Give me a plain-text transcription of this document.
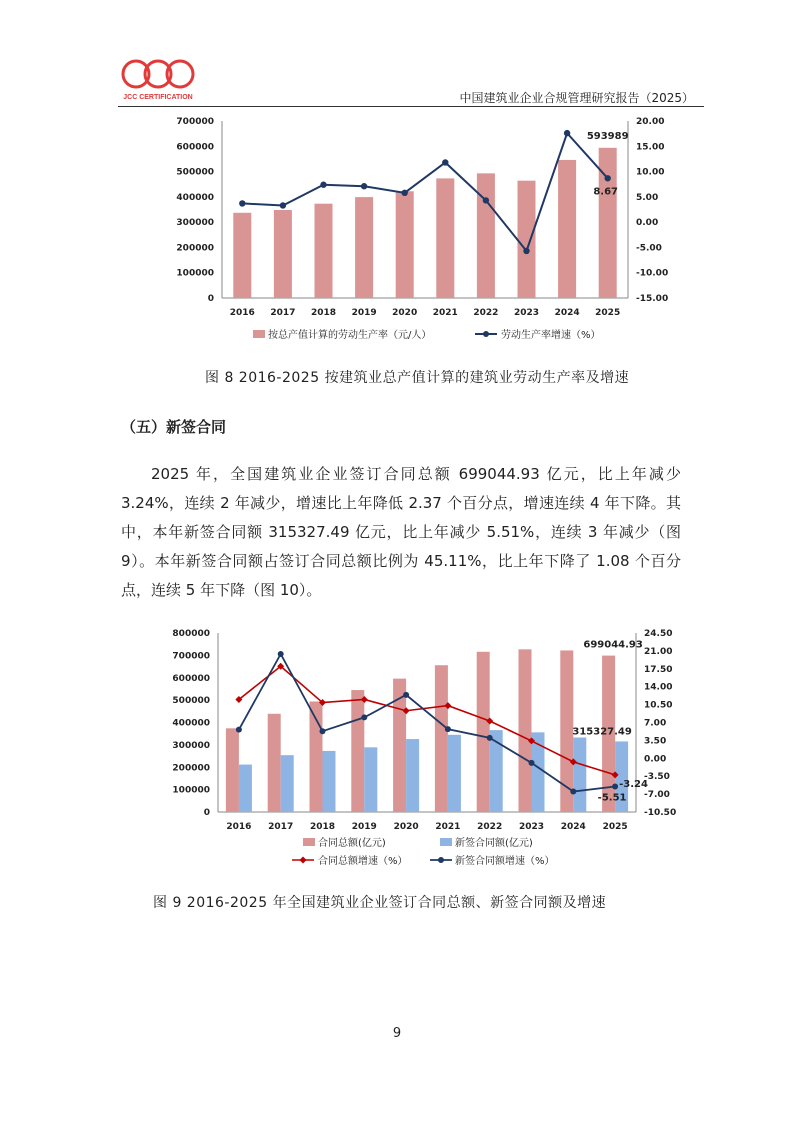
JCC CERTIFICATION	中国建筑业企业合规管理研究报告（2025）
0
100000
200000
300000
400000
500000
600000
700000
-15.00
-10.00
-5.00
0.00
5.00
10.00
15.00
20.00
2016 2017 2018 2019 2020 2021 2022 2023 2024 2025
593989
8.67
按总产值计算的劳动生产率（元/人）	劳动生产率增速（%）
图 8 2016-2025 按建筑业总产值计算的建筑业劳动生产率及增速
（五）新签合同
2025 年，全国建筑业企业签订合同总额 699044.93 亿元，比上年减少 3.24%，连续 2 年减少，增速比上年降低 2.37 个百分点，增速连续 4 年下降。其中，本年新签合同额 315327.49 亿元，比上年减少 5.51%，连续 3 年减少（图 9）。本年新签合同额占签订合同总额比例为 45.11%，比上年下降了 1.08 个百分点，连续 5 年下降（图 10）。
0
100000
200000
300000
400000
500000
600000
700000
800000
-10.50
-7.00
-3.50
0.00
3.50
7.00
10.50
14.00
17.50
21.00
24.50
2016 2017 2018 2019 2020 2021 2022 2023 2024 2025
699044.93
315327.49
-3.24
-5.51
合同总额(亿元)	新签合同额(亿元)
合同总额增速（%）	新签合同额增速（%）
图 9 2016-2025 年全国建筑业企业签订合同总额、新签合同额及增速
9
